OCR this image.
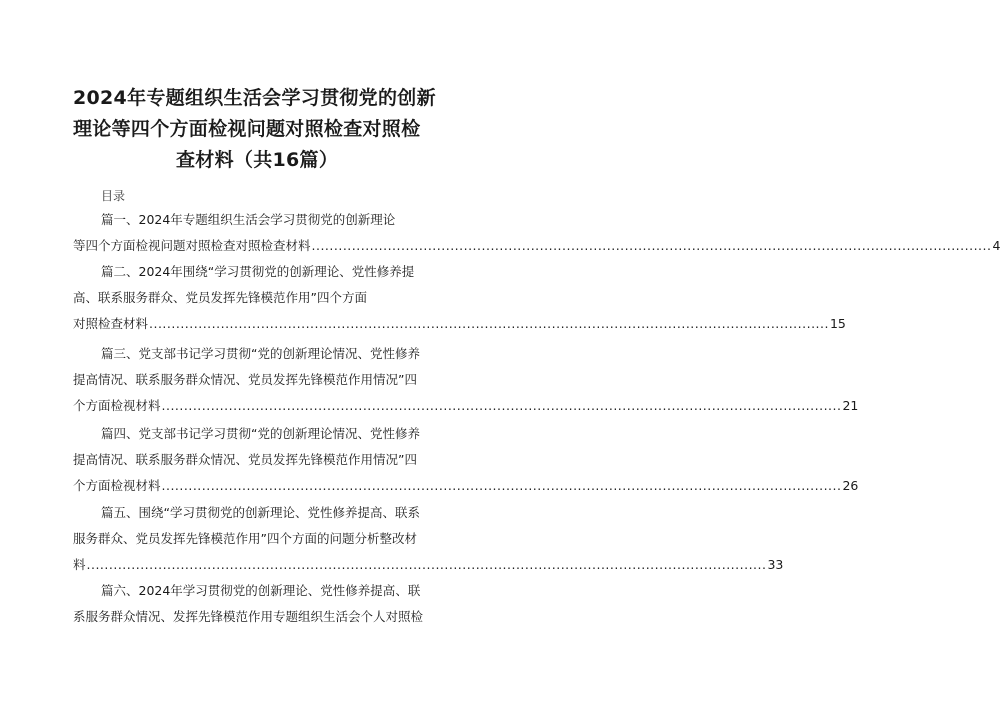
2024年专题组织生活会学习贯彻党的创新
理论等四个方面检视问题对照检查对照检
查材料（共16篇）
目录
篇一、2024年专题组织生活会学习贯彻党的创新理论
等四个方面检视问题对照检查对照检查材料 ........................................................................................................................................................ 4
篇二、2024年围绕“学习贯彻党的创新理论、党性修养提
高、联系服务群众、党员发挥先锋模范作用”四个方面
对照检查材料 ........................................................................................................................................................ 15
篇三、党支部书记学习贯彻“党的创新理论情况、党性修养
提高情况、联系服务群众情况、党员发挥先锋模范作用情况”四
个方面检视材料 ........................................................................................................................................................ 21
篇四、党支部书记学习贯彻“党的创新理论情况、党性修养
提高情况、联系服务群众情况、党员发挥先锋模范作用情况”四
个方面检视材料 ........................................................................................................................................................ 26
篇五、围绕“学习贯彻党的创新理论、党性修养提高、联系
服务群众、党员发挥先锋模范作用”四个方面的问题分析整改材
料 ........................................................................................................................................................ 33
篇六、2024年学习贯彻党的创新理论、党性修养提高、联
系服务群众情况、发挥先锋模范作用专题组织生活会个人对照检
